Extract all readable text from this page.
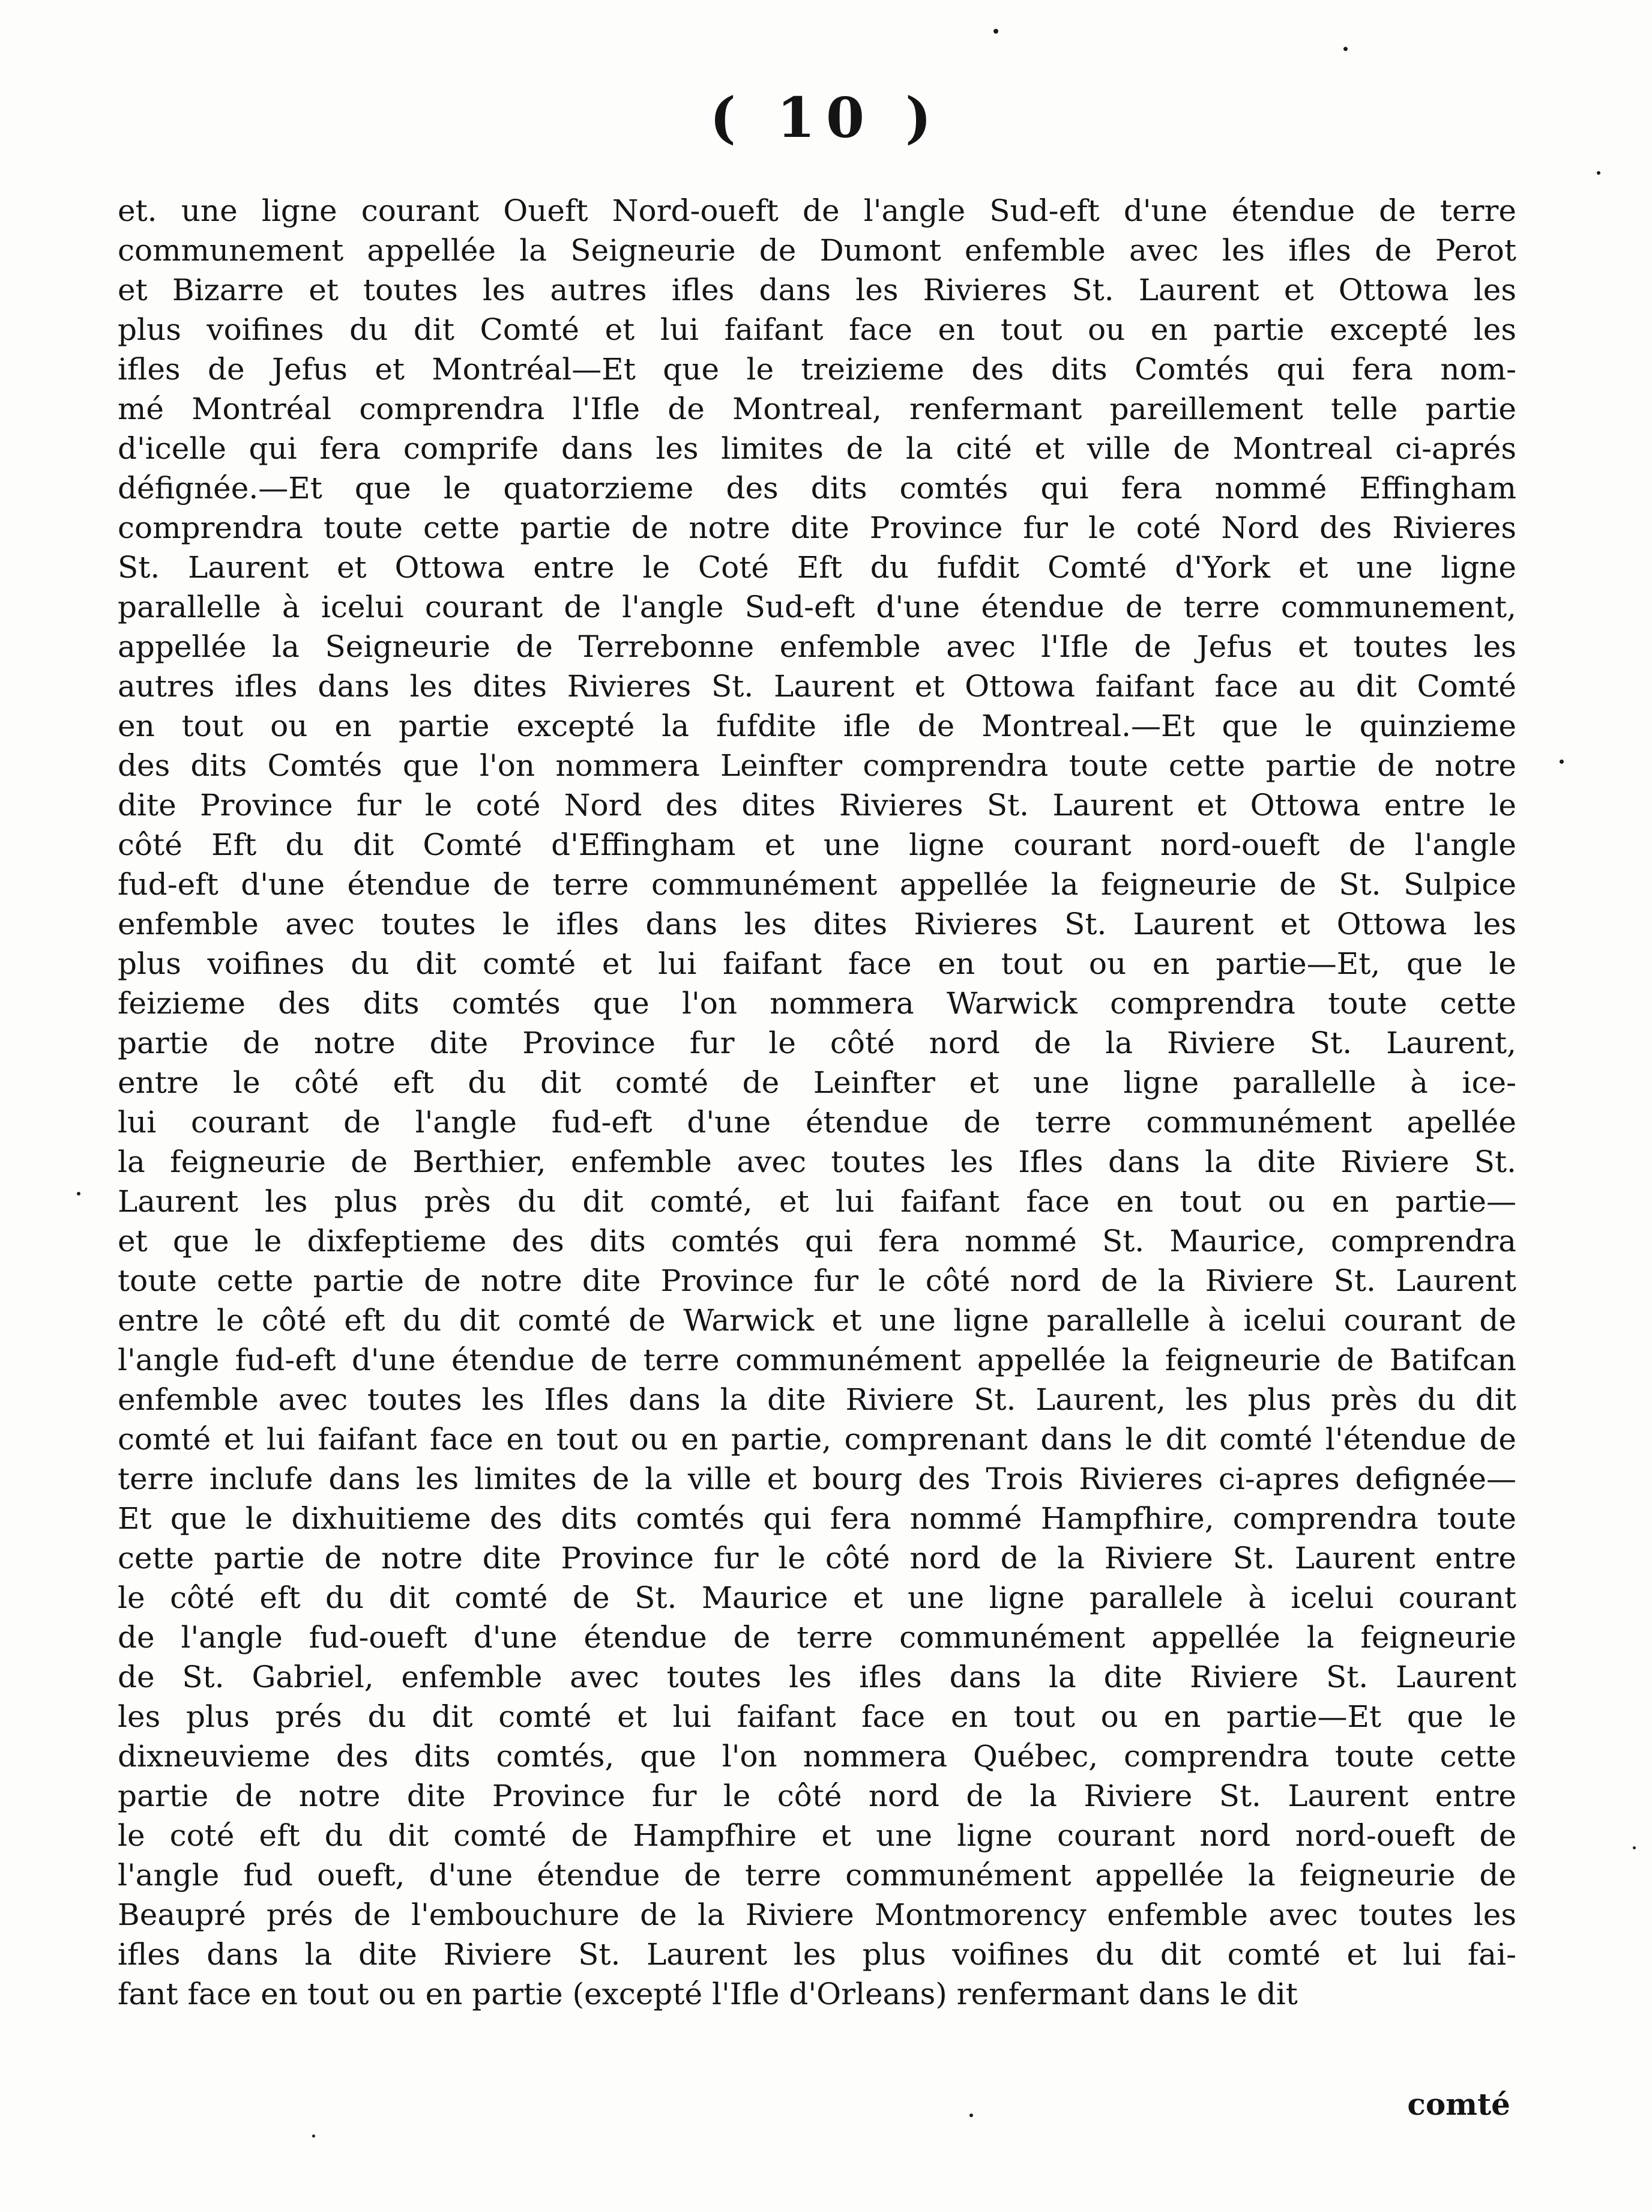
( 10 )
et. une ligne courant Oueft Nord-oueft de l'angle Sud-eft d'une étendue de terre
communement appellée la Seigneurie de Dumont enfemble avec les ifles de Perot
et Bizarre et toutes les autres ifles dans les Rivieres St. Laurent et Ottowa les
plus voifines du dit Comté et lui faifant face en tout ou en partie excepté les
ifles de Jefus et Montréal—Et que le treizieme des dits Comtés qui fera nom-
mé Montréal comprendra l'Ifle de Montreal, renfermant pareillement telle partie
d'icelle qui fera comprife dans les limites de la cité et ville de Montreal ci-aprés
défignée.—Et que le quatorzieme des dits comtés qui fera nommé Effingham
comprendra toute cette partie de notre dite Province fur le coté Nord des Rivieres
St. Laurent et Ottowa entre le Coté Eft du fufdit Comté d'York et une ligne
parallelle à icelui courant de l'angle Sud-eft d'une étendue de terre communement,
appellée la Seigneurie de Terrebonne enfemble avec l'Ifle de Jefus et toutes les
autres ifles dans les dites Rivieres St. Laurent et Ottowa faifant face au dit Comté
en tout ou en partie excepté la fufdite ifle de Montreal.—Et que le quinzieme
des dits Comtés que l'on nommera Leinfter comprendra toute cette partie de notre
dite Province fur le coté Nord des dites Rivieres St. Laurent et Ottowa entre le
côté Eft du dit Comté d'Effingham et une ligne courant nord-oueft de l'angle
fud-eft d'une étendue de terre communément appellée la feigneurie de St. Sulpice
enfemble avec toutes le ifles dans les dites Rivieres St. Laurent et Ottowa les
plus voifines du dit comté et lui faifant face en tout ou en partie—Et, que le
feizieme des dits comtés que l'on nommera Warwick comprendra toute cette
partie de notre dite Province fur le côté nord de la Riviere St. Laurent,
entre le côté eft du dit comté de Leinfter et une ligne parallelle à ice-
lui courant de l'angle fud-eft d'une étendue de terre communément apellée
la feigneurie de Berthier, enfemble avec toutes les Ifles dans la dite Riviere St.
Laurent les plus près du dit comté, et lui faifant face en tout ou en partie—
et que le dixfeptieme des dits comtés qui fera nommé St. Maurice, comprendra
toute cette partie de notre dite Province fur le côté nord de la Riviere St. Laurent
entre le côté eft du dit comté de Warwick et une ligne parallelle à icelui courant de
l'angle fud-eft d'une étendue de terre communément appellée la feigneurie de Batifcan
enfemble avec toutes les Ifles dans la dite Riviere St. Laurent, les plus près du dit
comté et lui faifant face en tout ou en partie, comprenant dans le dit comté l'étendue de
terre inclufe dans les limites de la ville et bourg des Trois Rivieres ci-apres defignée—
Et que le dixhuitieme des dits comtés qui fera nommé Hampfhire, comprendra toute
cette partie de notre dite Province fur le côté nord de la Riviere St. Laurent entre
le côté eft du dit comté de St. Maurice et une ligne parallele à icelui courant
de l'angle fud-oueft d'une étendue de terre communément appellée la feigneurie
de St. Gabriel, enfemble avec toutes les ifles dans la dite Riviere St. Laurent
les plus prés du dit comté et lui faifant face en tout ou en partie—Et que le
dixneuvieme des dits comtés, que l'on nommera Québec, comprendra toute cette
partie de notre dite Province fur le côté nord de la Riviere St. Laurent entre
le coté eft du dit comté de Hampfhire et une ligne courant nord nord-oueft de
l'angle fud oueft, d'une étendue de terre communément appellée la feigneurie de
Beaupré prés de l'embouchure de la Riviere Montmorency enfemble avec toutes les
ifles dans la dite Riviere St. Laurent les plus voifines du dit comté et lui fai-
fant face en tout ou en partie (excepté l'Ifle d'Orleans) renfermant dans le dit
comté
